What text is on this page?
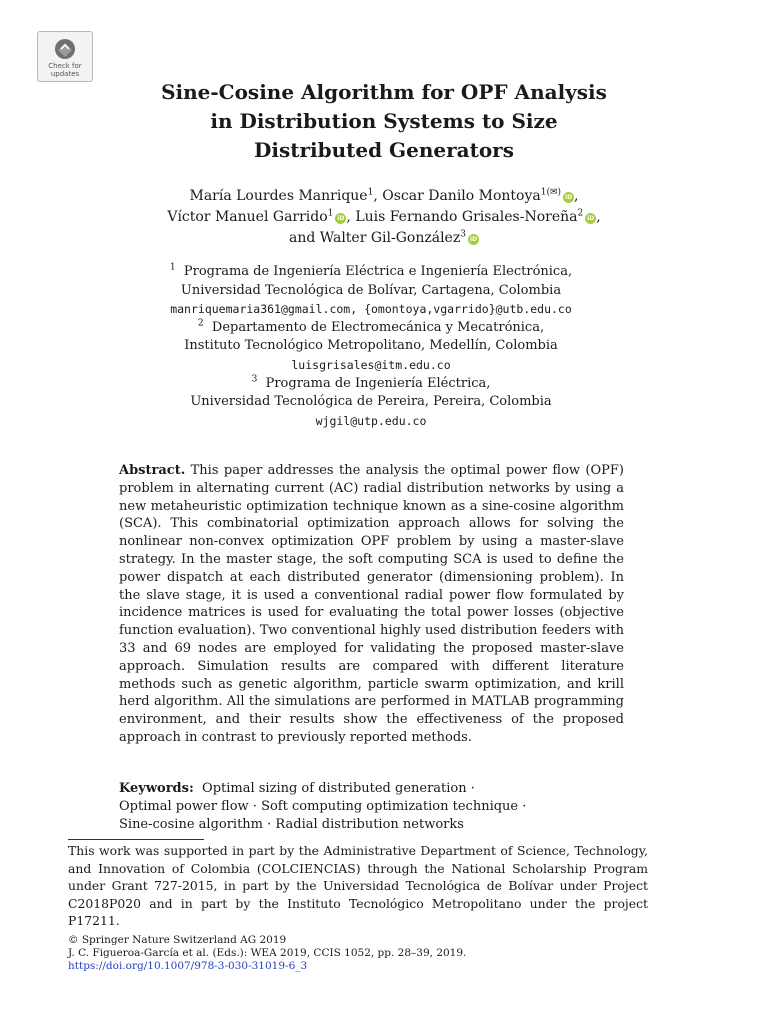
Check for
updates
Sine-Cosine Algorithm for OPF Analysis
in Distribution Systems to Size
Distributed Generators
María Lourdes Manrique$^1$, Oscar Danilo Montoya$^{1(✉)}$iD ,
Víctor Manuel Garrido$^1$iD , Luis Fernando Grisales-Noreña$^2$iD ,
and Walter Gil-González$^3$iD
$^1$ Programa de Ingeniería Eléctrica e Ingeniería Electrónica,
Universidad Tecnológica de Bolívar, Cartagena, Colombia
manriquemaria361@gmail.com, {omontoya,vgarrido}@utb.edu.co
$^2$ Departamento de Electromecánica y Mecatrónica,
Instituto Tecnológico Metropolitano, Medellín, Colombia
luisgrisales@itm.edu.co
$^3$ Programa de Ingeniería Eléctrica,
Universidad Tecnológica de Pereira, Pereira, Colombia
wjgil@utp.edu.co

Abstract. This paper addresses the analysis the optimal power flow (OPF) problem in alternating current (AC) radial distribution networks by using a new metaheuristic optimization technique known as a sine-cosine algorithm (SCA). This combinatorial optimization approach allows for solving the nonlinear non-convex optimization OPF problem by using a master-slave strategy. In the master stage, the soft computing SCA is used to define the power dispatch at each distributed generator (dimensioning problem). In the slave stage, it is used a conventional radial power flow formulated by incidence matrices is used for evaluating the total power losses (objective function evaluation). Two conventional highly used distribution feeders with 33 and 69 nodes are employed for validating the proposed master-slave approach. Simulation results are compared with different literature methods such as genetic algorithm, particle swarm optimization, and krill herd algorithm. All the simulations are performed in MATLAB programming environment, and their results show the effectiveness of the proposed approach in contrast to previously reported methods.

Keywords: Optimal sizing of distributed generation ·
Optimal power flow · Soft computing optimization technique ·
Sine-cosine algorithm · Radial distribution networks

This work was supported in part by the Administrative Department of Science, Technology, and Innovation of Colombia (COLCIENCIAS) through the National Scholarship Program under Grant 727-2015, in part by the Universidad Tecnológica de Bolívar under Project C2018P020 and in part by the Instituto Tecnológico Metropolitano under the project P17211.

© Springer Nature Switzerland AG 2019
J. C. Figueroa-García et al. (Eds.): WEA 2019, CCIS 1052, pp. 28–39, 2019.
https://doi.org/10.1007/978-3-030-31019-6_3
